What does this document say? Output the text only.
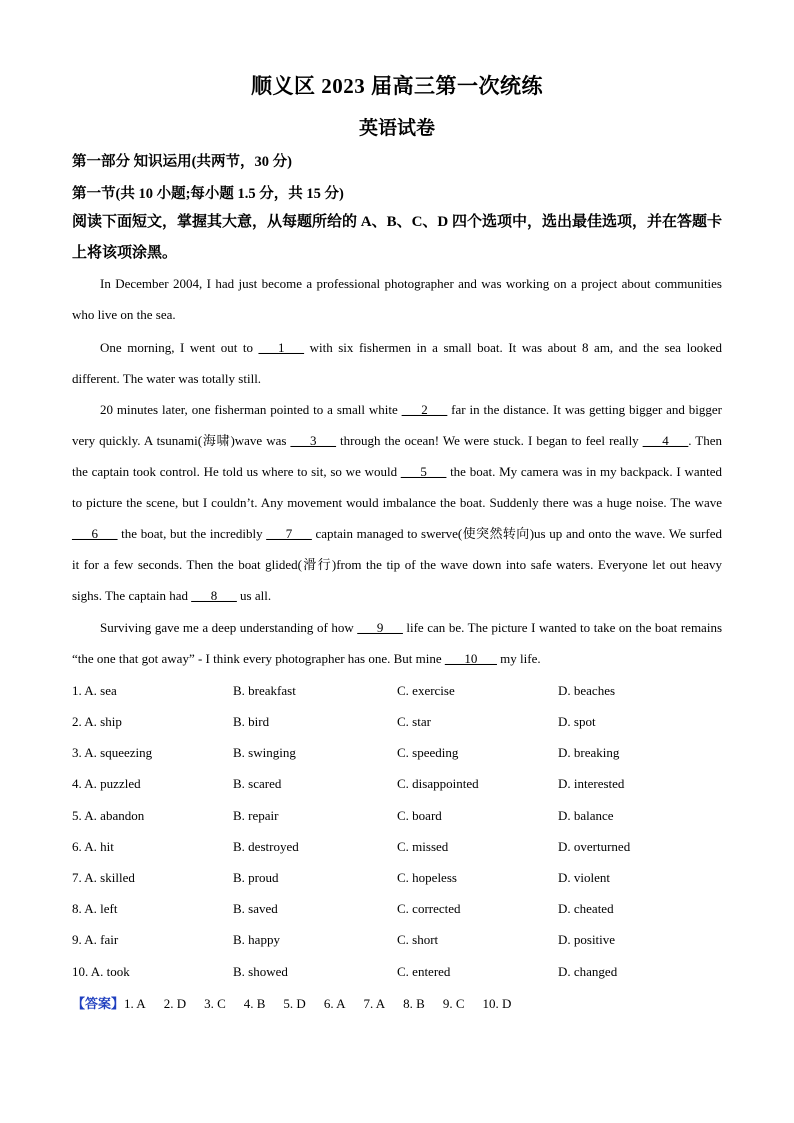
顺义区 2023 届高三第一次统练
英语试卷
第一部分 知识运用(共两节，30 分)
第一节(共 10 小题;每小题 1.5 分，共 15 分)
阅读下面短文，掌握其大意，从每题所给的 A、B、C、D 四个选项中，选出最佳选项，并在答题卡上将该项涂黑。
In December 2004, I had just become a professional photographer and was working on a project about communities who live on the sea.
One morning, I went out to ___1___ with six fishermen in a small boat. It was about 8 am, and the sea looked different. The water was totally still.
20 minutes later, one fisherman pointed to a small white ___2___ far in the distance. It was getting bigger and bigger very quickly. A tsunami(海啸)wave was ___3___ through the ocean! We were stuck. I began to feel really ___4___. Then the captain took control. He told us where to sit, so we would ___5___ the boat. My camera was in my backpack. I wanted to picture the scene, but I couldn’t. Any movement would imbalance the boat. Suddenly there was a huge noise. The wave ___6___ the boat, but the incredibly ___7___ captain managed to swerve(使突然转向)us up and onto the wave. We surfed it for a few seconds. Then the boat glided(滑行)from the tip of the wave down into safe waters. Everyone let out heavy sighs. The captain had ___8___ us all.
Surviving gave me a deep understanding of how ___9___ life can be. The picture I wanted to take on the boat remains “the one that got away” - I think every photographer has one. But mine ___10___ my life.
1. A. sea	B. breakfast	C. exercise	D. beaches
2. A. ship	B. bird	C. star	D. spot
3. A. squeezing	B. swinging	C. speeding	D. breaking
4. A. puzzled	B. scared	C. disappointed	D. interested
5. A. abandon	B. repair	C. board	D. balance
6. A. hit	B. destroyed	C. missed	D. overturned
7. A. skilled	B. proud	C. hopeless	D. violent
8. A. left	B. saved	C. corrected	D. cheated
9. A. fair	B. happy	C. short	D. positive
10. A. took	B. showed	C. entered	D. changed
【答案】1. A 2. D 3. C 4. B 5. D 6. A 7. A 8. B 9. C 10. D
